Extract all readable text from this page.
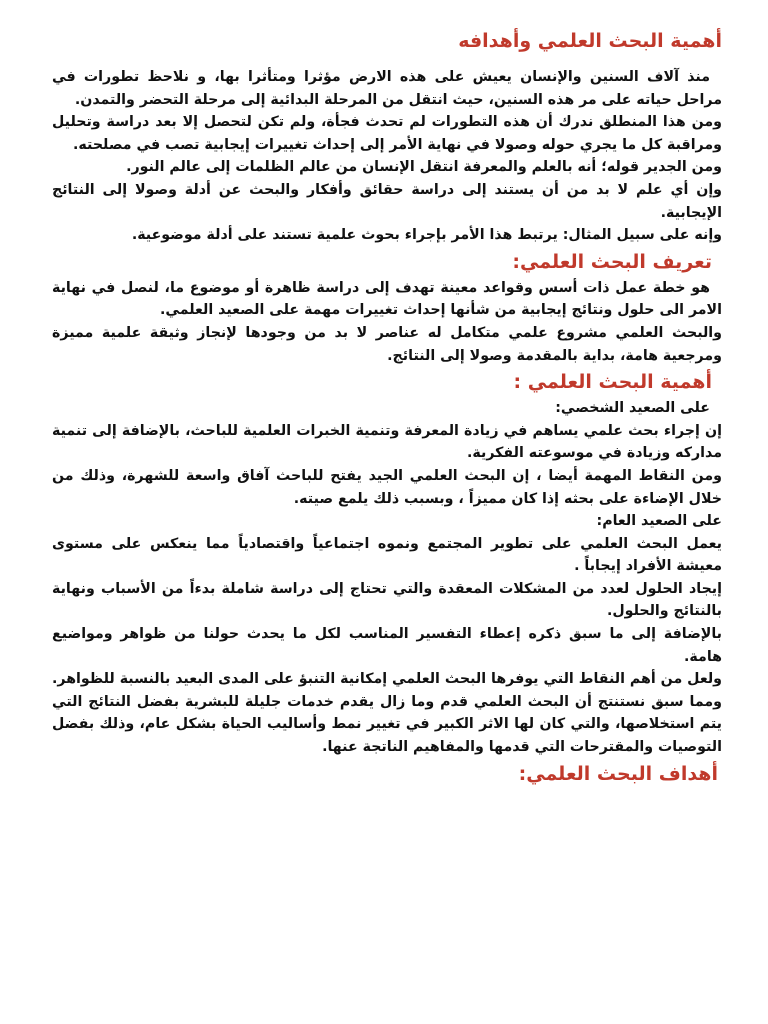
أهمية البحث العلمي وأهدافه

منذ آلاف السنين والإنسان يعيش على هذه الارض مؤثرا ومتأثرا بها، و نلاحظ تطورات في مراحل حياته على مر هذه السنين، حيث انتقل من المرحلة البدائية إلى مرحلة التحضر والتمدن.

ومن هذا المنطلق ندرك أن هذه التطورات لم تحدث فجأة، ولم تكن لتحصل إلا بعد دراسة وتحليل ومراقبة كل ما يجري حوله وصولا في نهاية الأمر إلى إحداث تغييرات إيجابية تصب في مصلحته.

ومن الجدير قوله؛ أنه بالعلم والمعرفة انتقل الإنسان من عالم الظلمات إلى عالم النور.

وإن أي علم لا بد من أن يستند إلى دراسة حقائق وأفكار والبحث عن أدلة وصولا إلى النتائج الإيجابية.

وإنه على سبيل المثال: يرتبط هذا الأمر بإجراء بحوث علمية تستند على أدلة موضوعية.

تعريف البحث العلمي:

هو خطة عمل ذات أسس وقواعد معينة تهدف إلى دراسة ظاهرة أو موضوع ما، لنصل في نهاية الامر الى حلول ونتائج إيجابية من شأنها إحداث تغييرات مهمة على الصعيد العلمي.

والبحث العلمي مشروع علمي متكامل له عناصر لا بد من وجودها لإنجاز وثيقة علمية مميزة ومرجعية هامة، بداية بالمقدمة وصولا إلى النتائج.

أهمية البحث العلمي :

على الصعيد الشخصي:

إن إجراء بحث علمي يساهم في زيادة المعرفة وتنمية الخبرات العلمية للباحث، بالإضافة إلى تنمية مداركه وزيادة في موسوعته الفكرية.

ومن النقاط المهمة أيضا ، إن البحث العلمي الجيد يفتح للباحث آفاق واسعة للشهرة، وذلك من خلال الإضاءة على بحثه إذا كان مميزاً ، وبسبب ذلك يلمع صيته.

على الصعيد العام:

يعمل البحث العلمي على تطوير المجتمع ونموه اجتماعياً واقتصادياً مما ينعكس على مستوى معيشة الأفراد إيجاباً .

إيجاد الحلول لعدد من المشكلات المعقدة والتي تحتاج إلى دراسة شاملة بدءاً من الأسباب ونهاية بالنتائج والحلول.

بالإضافة إلى ما سبق ذكره إعطاء التفسير المناسب لكل ما يحدث حولنا من ظواهر ومواضيع هامة.

ولعل من أهم النقاط التي يوفرها البحث العلمي إمكانية التنبؤ على المدى البعيد بالنسبة للظواهر.

ومما سبق نستنتج أن البحث العلمي قدم وما زال يقدم خدمات جليلة للبشرية بفضل النتائج التي يتم استخلاصها، والتي كان لها الاثر الكبير في تغيير نمط وأساليب الحياة بشكل عام، وذلك بفضل التوصيات والمقترحات التي قدمها والمفاهيم الناتجة عنها.

أهداف البحث العلمي:
